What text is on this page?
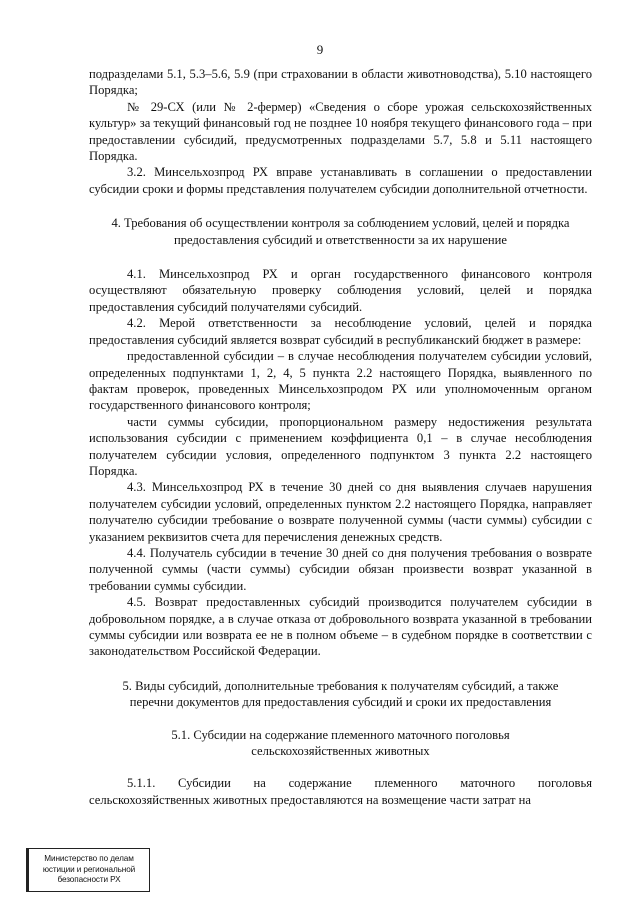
9

подразделами 5.1, 5.3–5.6, 5.9 (при страховании в области животноводства), 5.10 настоящего Порядка;

№ 29-СХ (или № 2-фермер) «Сведения о сборе урожая сельскохозяйственных культур» за текущий финансовый год не позднее 10 ноября текущего финансового года – при предоставлении субсидий, предусмотренных подразделами 5.7, 5.8 и 5.11 настоящего Порядка.

3.2. Минсельхозпрод РХ вправе устанавливать в соглашении о предоставлении субсидии сроки и формы представления получателем субсидии дополнительной отчетности.

4. Требования об осуществлении контроля за соблюдением условий, целей и порядка предоставления субсидий и ответственности за их нарушение

4.1. Минсельхозпрод РХ и орган государственного финансового контроля осуществляют обязательную проверку соблюдения условий, целей и порядка предоставления субсидий получателями субсидий.

4.2. Мерой ответственности за несоблюдение условий, целей и порядка предоставления субсидий является возврат субсидий в республиканский бюджет в размере:

предоставленной субсидии – в случае несоблюдения получателем субсидии условий, определенных подпунктами 1, 2, 4, 5 пункта 2.2 настоящего Порядка, выявленного по фактам проверок, проведенных Минсельхозпродом РХ или уполномоченным органом государственного финансового контроля;

части суммы субсидии, пропорциональном размеру недостижения результата использования субсидии с применением коэффициента 0,1 – в случае несоблюдения получателем субсидии условия, определенного подпунктом 3 пункта 2.2 настоящего Порядка.

4.3. Минсельхозпрод РХ в течение 30 дней со дня выявления случаев нарушения получателем субсидии условий, определенных пунктом 2.2 настоящего Порядка, направляет получателю субсидии требование о возврате полученной суммы (части суммы) субсидии с указанием реквизитов счета для перечисления денежных средств.

4.4. Получатель субсидии в течение 30 дней со дня получения требования о возврате полученной суммы (части суммы) субсидии обязан произвести возврат указанной в требовании суммы субсидии.

4.5. Возврат предоставленных субсидий производится получателем субсидии в добровольном порядке, а в случае отказа от добровольного возврата указанной в требовании суммы субсидии или возврата ее не в полном объеме – в судебном порядке в соответствии с законодательством Российской Федерации.

5. Виды субсидий, дополнительные требования к получателям субсидий, а также перечни документов для предоставления субсидий и сроки их предоставления
5.1. Субсидии на содержание племенного маточного поголовья сельскохозяйственных животных

5.1.1. Субсидии на содержание племенного маточного поголовья сельскохозяйственных животных предоставляются на возмещение части затрат на

Министерство по делам
юстиции и региональной
безопасности РХ
